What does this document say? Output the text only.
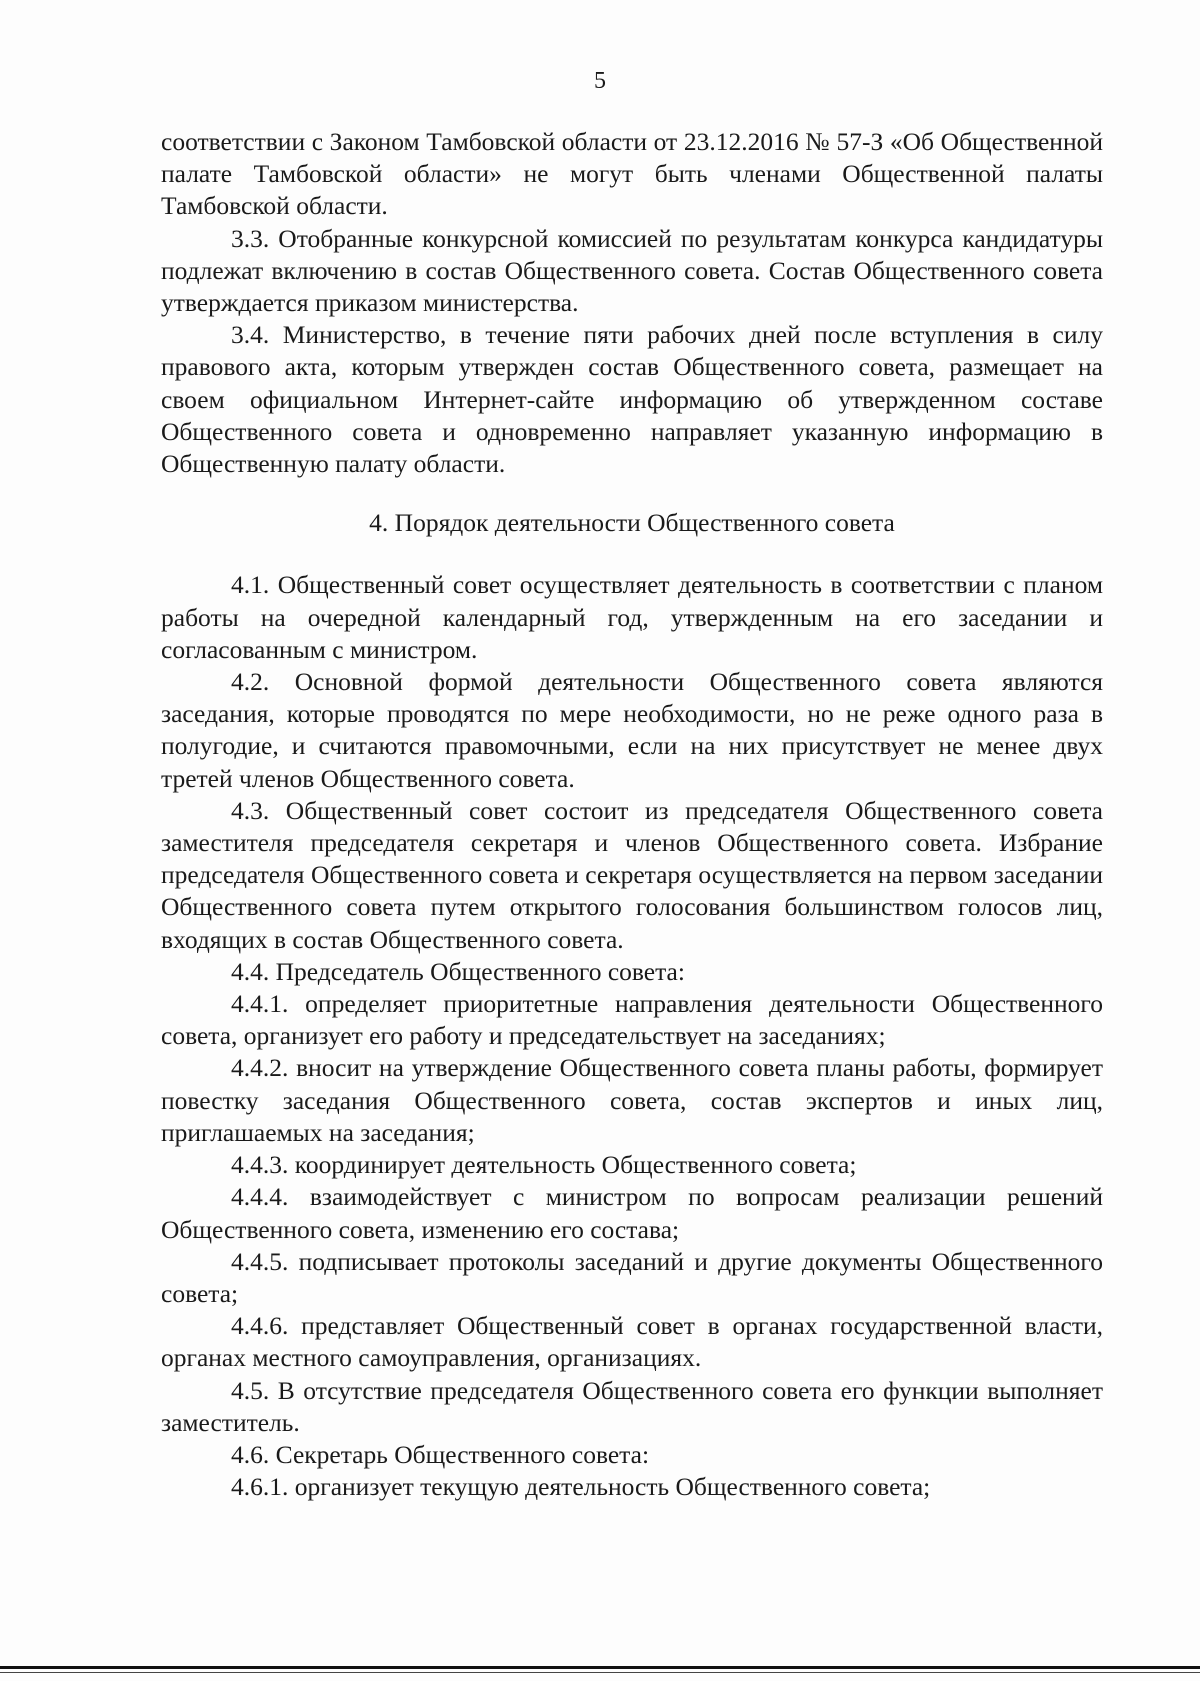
5

соответствии с Законом Тамбовской области от 23.12.2016 № 57-З «Об Общественной палате Тамбовской области» не могут быть членами Общественной палаты Тамбовской области.

3.3. Отобранные конкурсной комиссией по результатам конкурса кандидатуры подлежат включению в состав Общественного совета. Состав Общественного совета утверждается приказом министерства.

3.4. Министерство, в течение пяти рабочих дней после вступления в силу правового акта, которым утвержден состав Общественного совета, размещает на своем официальном Интернет-сайте информацию об утвержденном составе Общественного совета и одновременно направляет указанную информацию в Общественную палату области.

4. Порядок деятельности Общественного совета

4.1. Общественный совет осуществляет деятельность в соответствии с планом работы на очередной календарный год, утвержденным на его заседании и согласованным с министром.

4.2. Основной формой деятельности Общественного совета являются заседания, которые проводятся по мере необходимости, но не реже одного раза в полугодие, и считаются правомочными, если на них присутствует не менее двух третей членов Общественного совета.

4.3. Общественный совет состоит из председателя Общественного совета заместителя председателя секретаря и членов Общественного совета. Избрание председателя Общественного совета и секретаря осуществляется на первом заседании Общественного совета путем открытого голосования большинством голосов лиц, входящих в состав Общественного совета.

4.4. Председатель Общественного совета:

4.4.1. определяет приоритетные направления деятельности Общественного совета, организует его работу и председательствует на заседаниях;

4.4.2. вносит на утверждение Общественного совета планы работы, формирует повестку заседания Общественного совета, состав экспертов и иных лиц, приглашаемых на заседания;

4.4.3. координирует деятельность Общественного совета;

4.4.4. взаимодействует с министром по вопросам реализации решений Общественного совета, изменению его состава;

4.4.5. подписывает протоколы заседаний и другие документы Общественного совета;

4.4.6. представляет Общественный совет в органах государственной власти, органах местного самоуправления, организациях.

4.5. В отсутствие председателя Общественного совета его функции выполняет заместитель.

4.6. Секретарь Общественного совета:

4.6.1. организует текущую деятельность Общественного совета;
